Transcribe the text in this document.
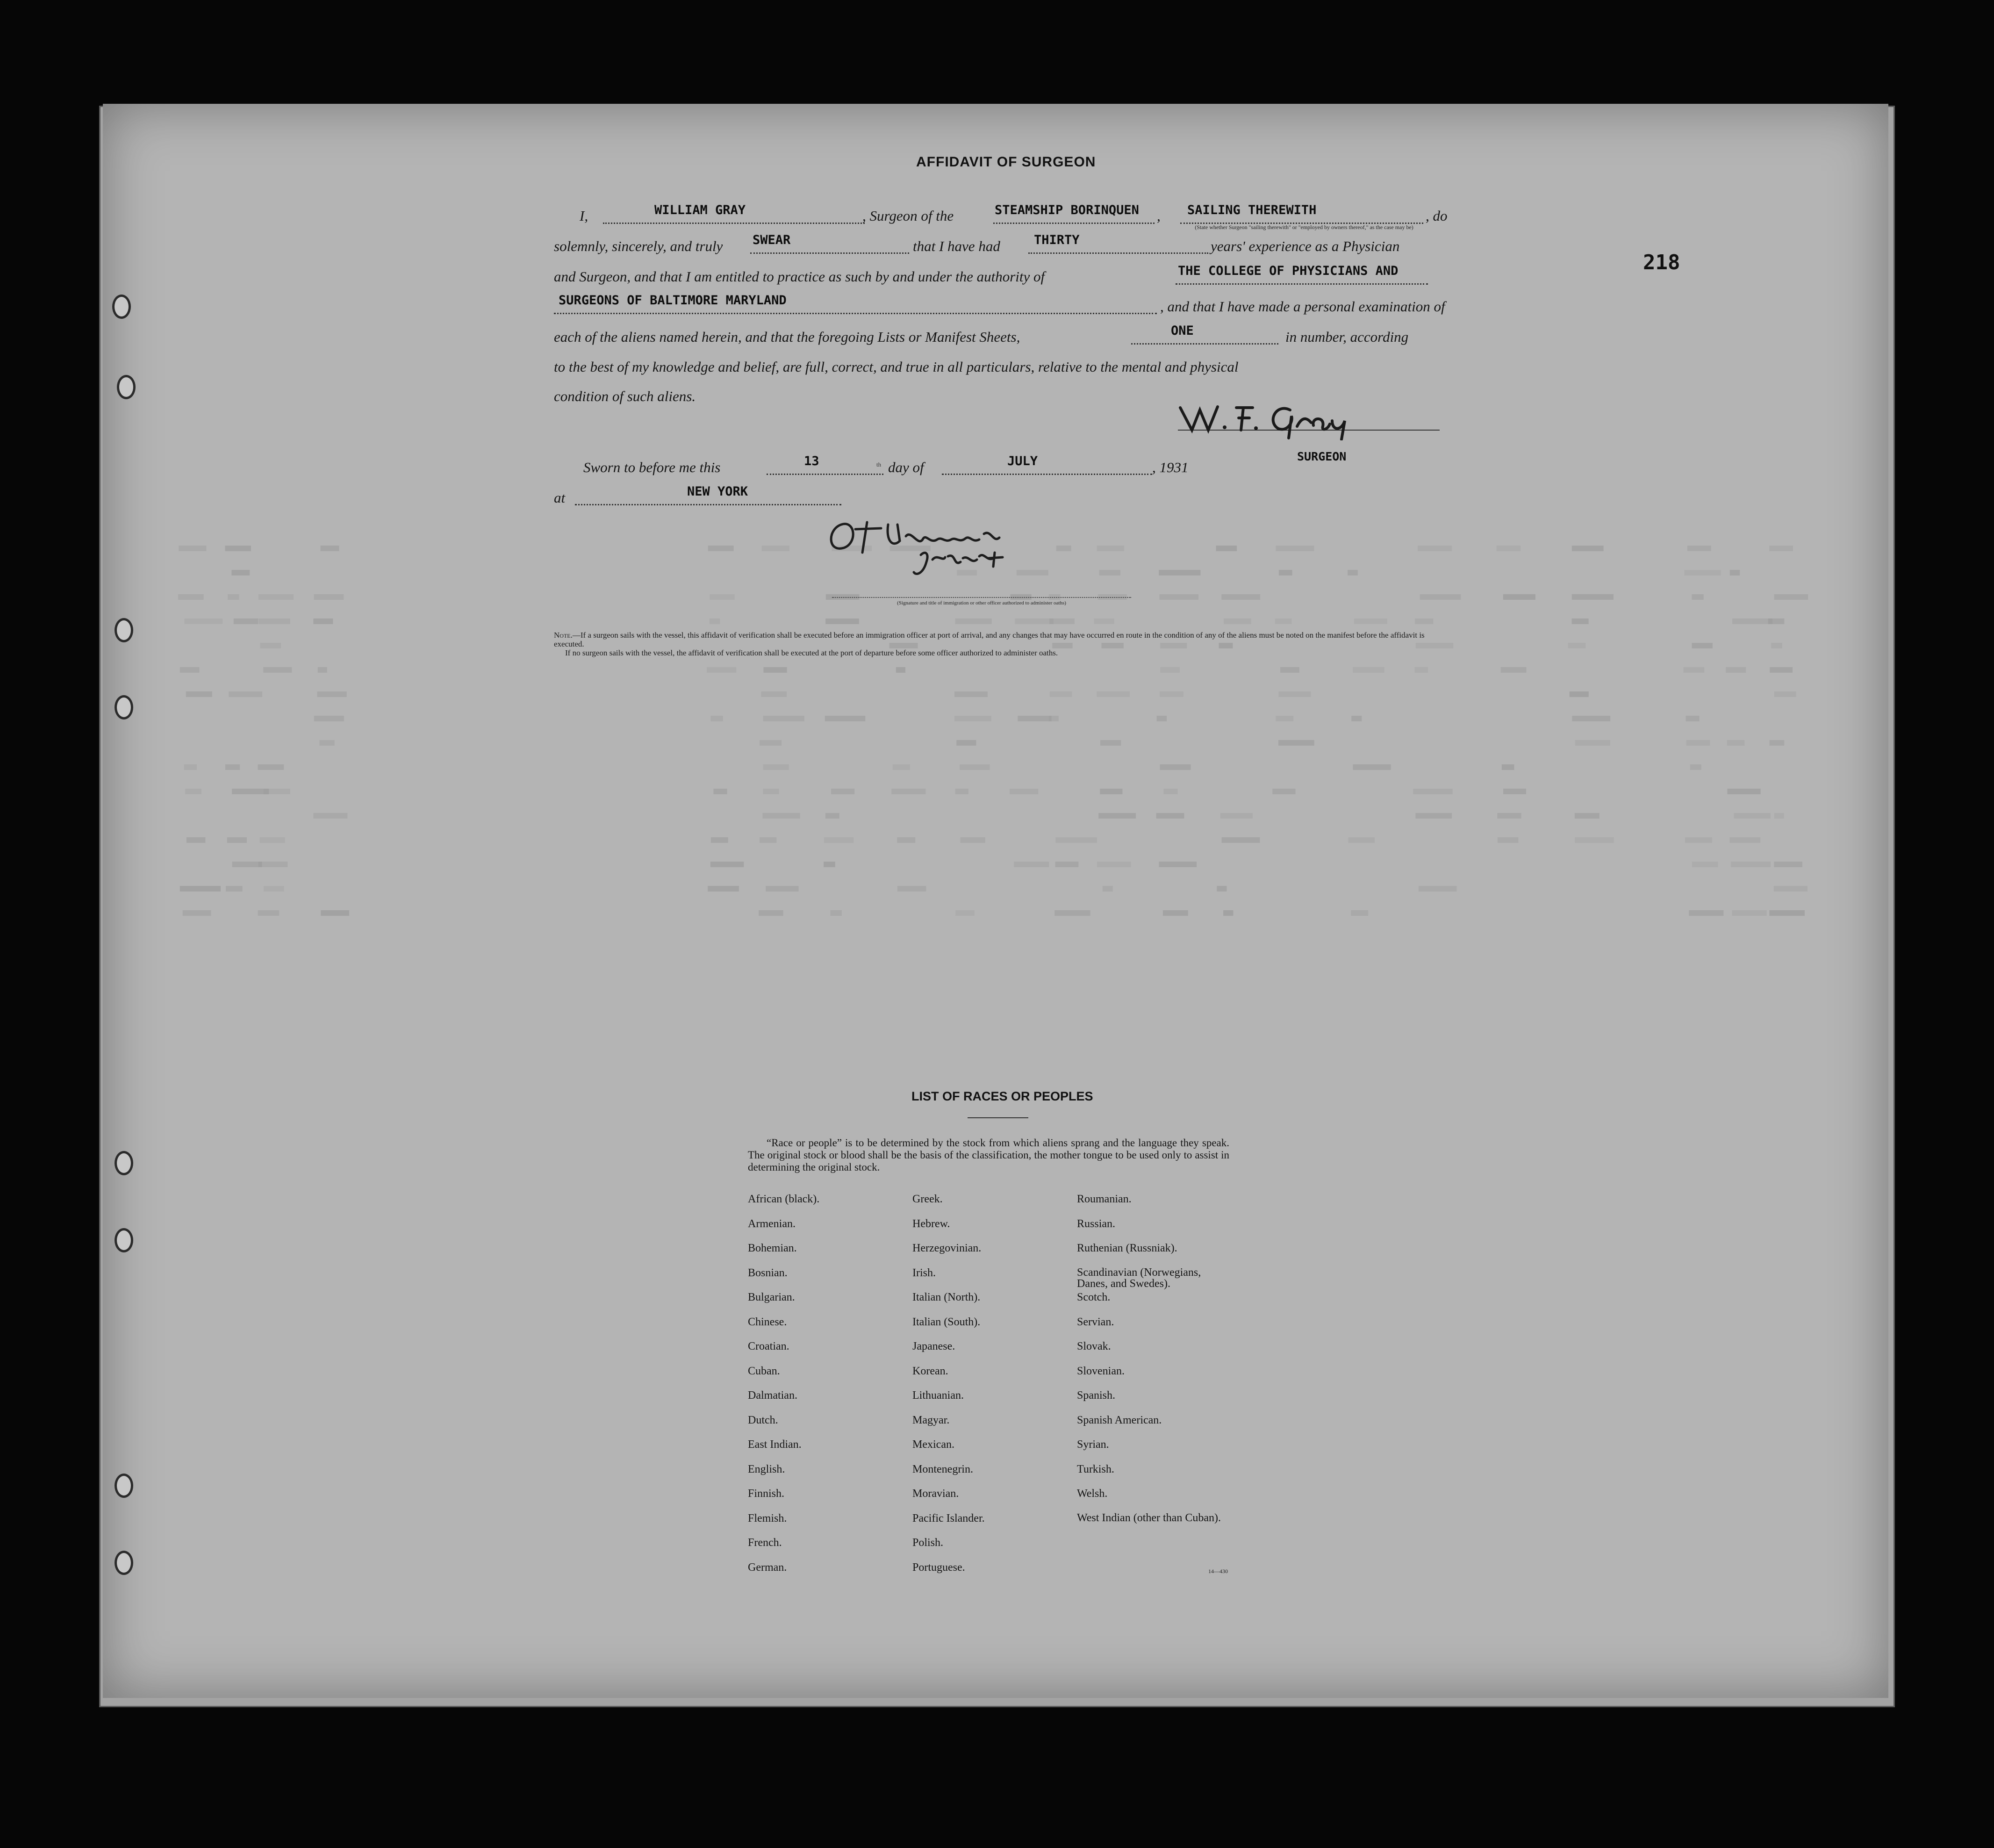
AFFIDAVIT OF SURGEON
218
I,	WILLIAM GRAY	, Surgeon of the	STEAMSHIP BORINQUEN , SAILING THEREWITH	, do
(State whether Surgeon "sailing therewith" or "employed by owners thereof," as the case may be)
solemnly, sincerely, and truly SWEAR	that I have had	THIRTY	years' experience as a Physician
and Surgeon, and that I am entitled to practice as such by and under the authority of	THE COLLEGE OF PHYSICIANS AND
SURGEONS OF BALTIMORE MARYLAND	, and that I have made a personal examination of
each of the aliens named herein, and that the foregoing Lists or Manifest Sheets,	ONE	in number, according
to the best of my knowledge and belief, are full, correct, and true in all particulars, relative to the mental and physical
condition of such aliens.
SURGEON
Sworn to before me this	13	th day of	JULY	, 1931
at	NEW YORK
(Signature and title of immigration or other officer authorized to administer oaths)
Note.—If a surgeon sails with the vessel, this affidavit of verification shall be executed before an immigration officer at port of arrival, and any changes that may have occurred en route in the condition of any of the aliens must be noted on the manifest before the affidavit is executed.
If no surgeon sails with the vessel, the affidavit of verification shall be executed at the port of departure before some officer authorized to administer oaths.
LIST OF RACES OR PEOPLES
“Race or people” is to be determined by the stock from which aliens sprang and the language they speak. The original stock or blood shall be the basis of the classification, the mother tongue to be used only to assist in determining the original stock.
African (black).
Armenian.
Bohemian.
Bosnian.
Bulgarian.
Chinese.
Croatian.
Cuban.
Dalmatian.
Dutch.
East Indian.
English.
Finnish.
Flemish.
French.
German.
Greek.
Hebrew.
Herzegovinian.
Irish.
Italian (North).
Italian (South).
Japanese.
Korean.
Lithuanian.
Magyar.
Mexican.
Montenegrin.
Moravian.
Pacific Islander.
Polish.
Portuguese.
Roumanian.
Russian.
Ruthenian (Russniak).
Scandinavian (Norwegians, Danes, and Swedes).
Scotch.
Servian.
Slovak.
Slovenian.
Spanish.
Spanish American.
Syrian.
Turkish.
Welsh.
West Indian (other than Cuban).
14—430
